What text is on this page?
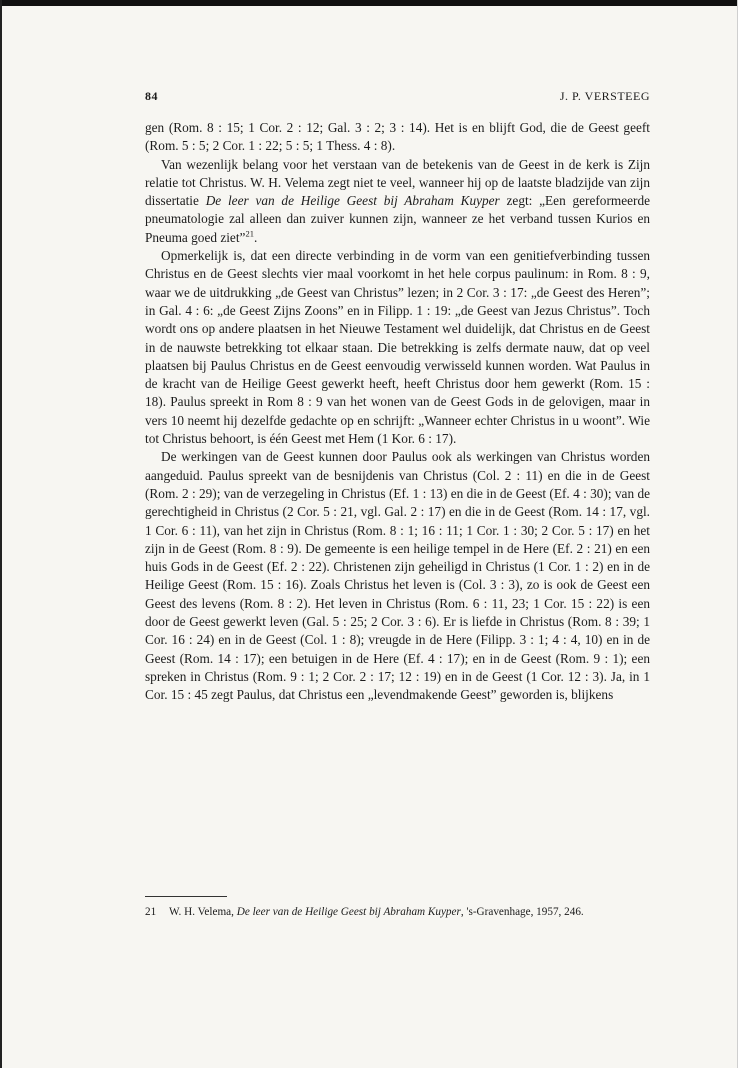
84	J. P. VERSTEEG

gen (Rom. 8 : 15; 1 Cor. 2 : 12; Gal. 3 : 2; 3 : 14). Het is en blijft God, die de Geest geeft (Rom. 5 : 5; 2 Cor. 1 : 22; 5 : 5; 1 Thess. 4 : 8).

Van wezenlijk belang voor het verstaan van de betekenis van de Geest in de kerk is Zijn relatie tot Christus. W. H. Velema zegt niet te veel, wanneer hij op de laatste bladzijde van zijn dissertatie De leer van de Heilige Geest bij Abraham Kuyper zegt: „Een gereformeerde pneumatologie zal alleen dan zuiver kunnen zijn, wanneer ze het verband tussen Kurios en Pneuma goed ziet”$^{21}$.

Opmerkelijk is, dat een directe verbinding in de vorm van een genitiefverbinding tussen Christus en de Geest slechts vier maal voorkomt in het hele corpus paulinum: in Rom. 8 : 9, waar we de uitdrukking „de Geest van Christus” lezen; in 2 Cor. 3 : 17: „de Geest des Heren”; in Gal. 4 : 6: „de Geest Zijns Zoons” en in Filipp. 1 : 19: „de Geest van Jezus Christus”. Toch wordt ons op andere plaatsen in het Nieuwe Testament wel duidelijk, dat Christus en de Geest in de nauwste betrekking tot elkaar staan. Die betrekking is zelfs dermate nauw, dat op veel plaatsen bij Paulus Christus en de Geest eenvoudig verwisseld kunnen worden. Wat Paulus in de kracht van de Heilige Geest gewerkt heeft, heeft Christus door hem gewerkt (Rom. 15 : 18). Paulus spreekt in Rom 8 : 9 van het wonen van de Geest Gods in de gelovigen, maar in vers 10 neemt hij dezelfde gedachte op en schrijft: „Wanneer echter Christus in u woont”. Wie tot Christus behoort, is één Geest met Hem (1 Kor. 6 : 17).

De werkingen van de Geest kunnen door Paulus ook als werkingen van Christus worden aangeduid. Paulus spreekt van de besnijdenis van Christus (Col. 2 : 11) en die in de Geest (Rom. 2 : 29); van de verzegeling in Christus (Ef. 1 : 13) en die in de Geest (Ef. 4 : 30); van de gerechtigheid in Christus (2 Cor. 5 : 21, vgl. Gal. 2 : 17) en die in de Geest (Rom. 14 : 17, vgl. 1 Cor. 6 : 11), van het zijn in Christus (Rom. 8 : 1; 16 : 11; 1 Cor. 1 : 30; 2 Cor. 5 : 17) en het zijn in de Geest (Rom. 8 : 9). De gemeente is een heilige tempel in de Here (Ef. 2 : 21) en een huis Gods in de Geest (Ef. 2 : 22). Christenen zijn geheiligd in Christus (1 Cor. 1 : 2) en in de Heilige Geest (Rom. 15 : 16). Zoals Christus het leven is (Col. 3 : 3), zo is ook de Geest een Geest des levens (Rom. 8 : 2). Het leven in Christus (Rom. 6 : 11, 23; 1 Cor. 15 : 22) is een door de Geest gewerkt leven (Gal. 5 : 25; 2 Cor. 3 : 6). Er is liefde in Christus (Rom. 8 : 39; 1 Cor. 16 : 24) en in de Geest (Col. 1 : 8); vreugde in de Here (Filipp. 3 : 1; 4 : 4, 10) en in de Geest (Rom. 14 : 17); een betuigen in de Here (Ef. 4 : 17); en in de Geest (Rom. 9 : 1); een spreken in Christus (Rom. 9 : 1; 2 Cor. 2 : 17; 12 : 19) en in de Geest (1 Cor. 12 : 3). Ja, in 1 Cor. 15 : 45 zegt Paulus, dat Christus een „levendmakende Geest” geworden is, blijkens

21 W. H. Velema, De leer van de Heilige Geest bij Abraham Kuyper, 's-Gravenhage, 1957, 246.
